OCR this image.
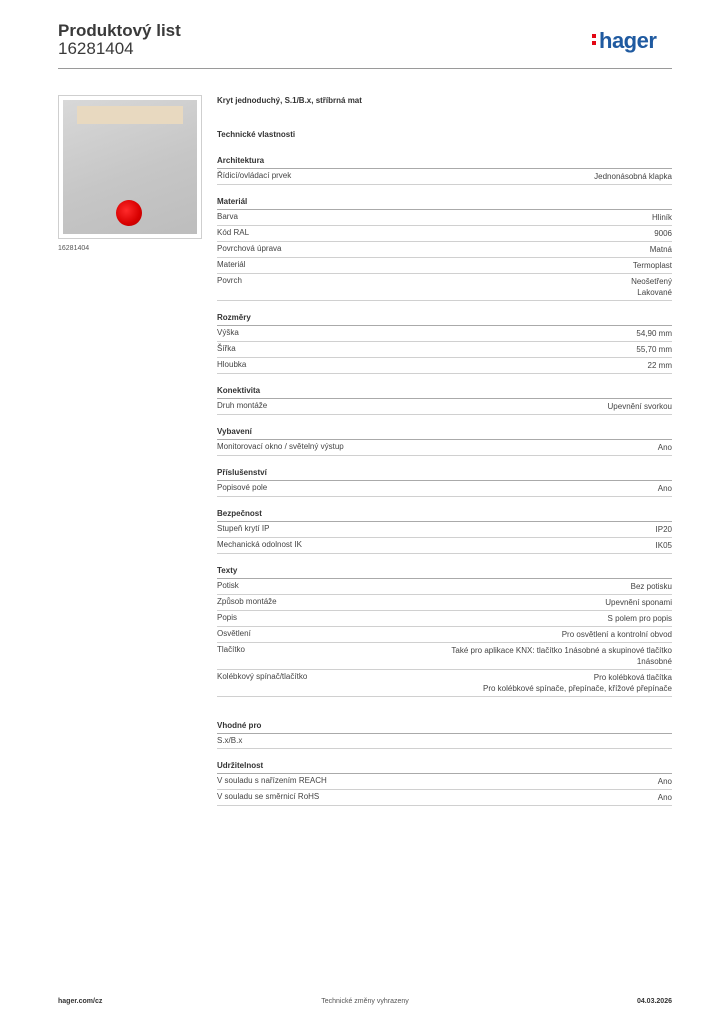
Produktový list
16281404	hager
16281404
Kryt jednoduchý, S.1/B.x, stříbrná mat
Technické vlastnosti
Architektura
Řídicí/ovládací prvek	Jednonásobná klapka
Materiál
Barva	Hliník
Kód RAL	9006
Povrchová úprava	Matná
Materiál	Termoplast
Povrch	Neošetřený
Lakované
Rozměry
Výška	54,90 mm
Šířka	55,70 mm
Hloubka	22 mm
Konektivita
Druh montáže	Upevnění svorkou
Vybavení
Monitorovací okno / světelný výstup	Ano
Příslušenství
Popisové pole	Ano
Bezpečnost
Stupeň krytí IP	IP20
Mechanická odolnost IK	IK05
Texty
Potisk	Bez potisku
Způsob montáže	Upevnění sponami
Popis	S polem pro popis
Osvětlení	Pro osvětlení a kontrolní obvod
Tlačítko	Také pro aplikace KNX: tlačítko 1násobné a skupinové tlačítko
1násobné
Kolébkový spínač/tlačítko	Pro kolébková tlačítka
Pro kolébkové spínače, přepínače, křížové přepínače
Vhodné pro
S.x/B.x
Udržitelnost
V souladu s nařízením REACH	Ano
V souladu se směrnicí RoHS	Ano
hager.com/cz	Technické změny vyhrazeny	04.03.2026
